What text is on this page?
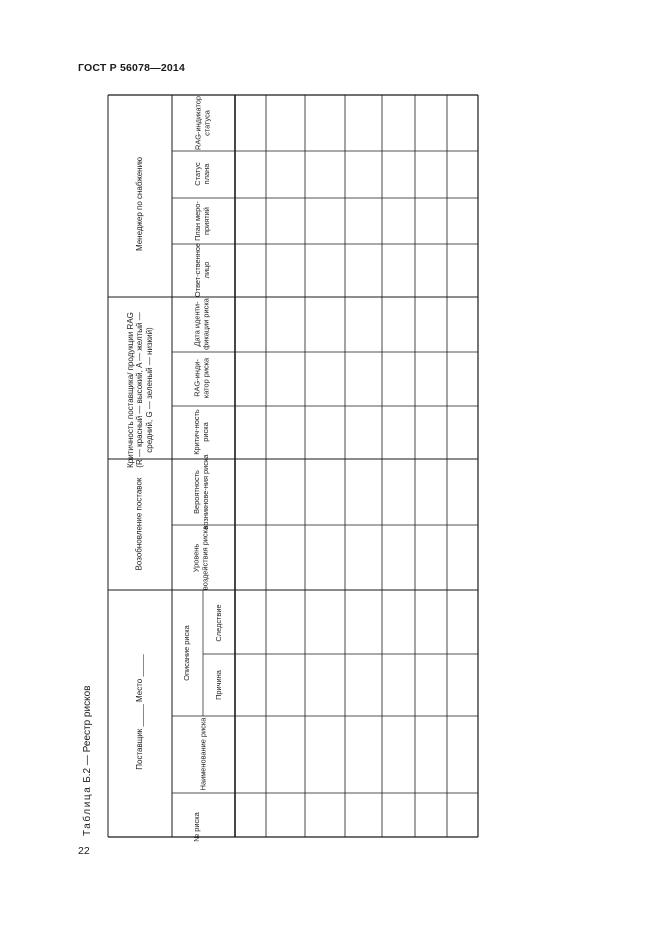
ГОСТ Р 56078—2014
22
Таблица Б.2 — Реестр рисков
Менеджер по снабжению
Критичность поставщика/ продукции RAG (R — красный — высокий, A — желтый — средний, G — зеленый — низкий)
Возобновление поставок
Поставщик _____ Место _____
Описание риска
RAG-индикатор статуса
Статус плана
План меро-приятий
Ответ-ственное лицо
Дата иденти-фикации риска
RAG-инди-катор риска
Критич-ность риска
Вероятность возникнове-ния риска
Уровень воздействия риска
Следствие
Причина
Наименование риска
№ риска
